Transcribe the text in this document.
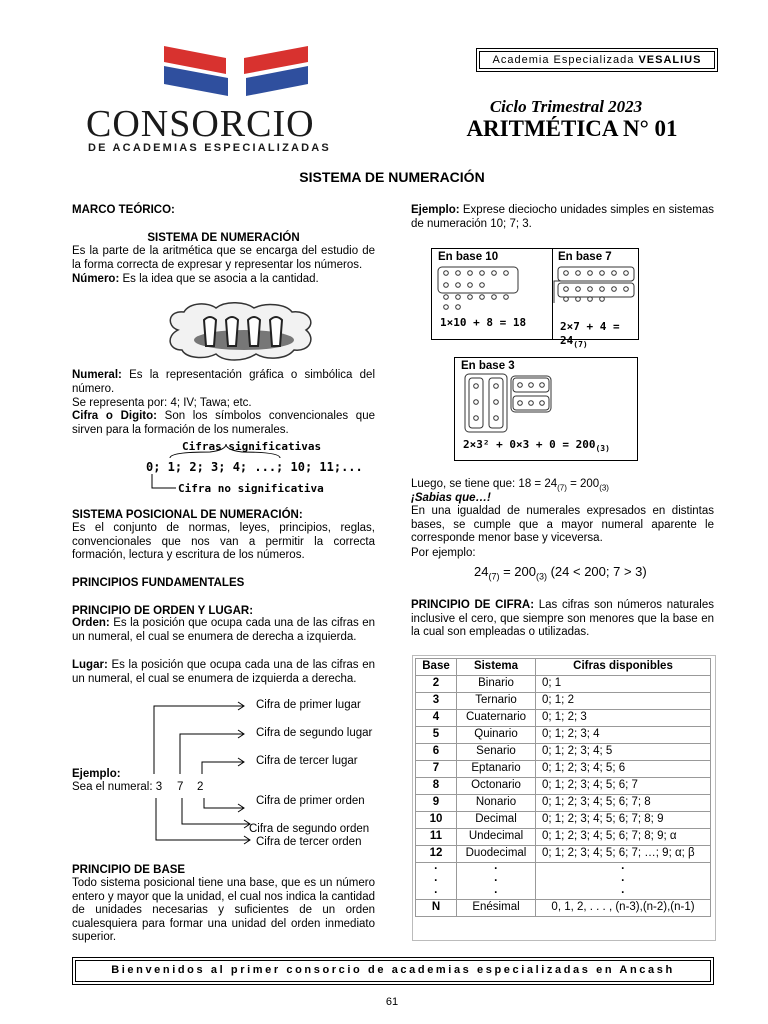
CONSORCIO
DE ACADEMIAS ESPECIALIZADAS
Academia Especializada VESALIUS
Ciclo Trimestral 2023
ARITMÉTICA N° 01
SISTEMA DE NUMERACIÓN
MARCO TEÓRICO:
SISTEMA DE NUMERACIÓN

Es la parte de la aritmética que se encarga del estudio de la forma correcta de expresar y representar los números.

Número: Es la idea que se asocia a la cantidad.

Numeral: Es la representación gráfica o simbólica del número.

Se representa por: 4; IV; Tawa; etc.

Cifra o Digito: Son los símbolos convencionales que sirven para la formación de los numerales.

Cifras significativas
0; 1; 2; 3; 4; ...; 10; 11;...
Cifra no significativa
SISTEMA POSICIONAL DE NUMERACIÓN:

Es el conjunto de normas, leyes, principios, reglas, convencionales que nos van a permitir la correcta formación, lectura y escritura de los números.

PRINCIPIOS FUNDAMENTALES
PRINCIPIO DE ORDEN Y LUGAR:

Orden: Es la posición que ocupa cada una de las cifras en un numeral, el cual se enumera de derecha a izquierda.

Lugar: Es la posición que ocupa cada una de las cifras en un numeral, el cual se enumera de izquierda a derecha.

Cifra de primer lugar
Cifra de segundo lugar
Cifra de tercer lugar
Ejemplo:
Sea el numeral: 3 7 2
Cifra de primer orden
Cifra de segundo orden
Cifra de tercer orden
PRINCIPIO DE BASE

Todo sistema posicional tiene una base, que es un número entero y mayor que la unidad, el cual nos indica la cantidad de unidades necesarias y suficientes de un orden cualesquiera para formar una unidad del orden inmediato superior.

Ejemplo: Exprese dieciocho unidades simples en sistemas de numeración 10; 7; 3.

En base 10	En base 7
1×10 + 8 = 18	$2\times 7 + 4 = 24_{(7)}$
En base 3
$2\times 3^2 + 0\times 3 + 0 = 200_{(3)}$

Luego, se tiene que: $18 = 24_{(7)} = 200_{(3)}$

¡Sabias que…!

En una igualdad de numerales expresados en distintas bases, se cumple que a mayor numeral aparente le corresponde menor base y viceversa.

Por ejemplo:

$24_{(7)} = 200_{(3)}$ (24 < 200; 7 > 3)

PRINCIPIO DE CIFRA: Las cifras son números naturales inclusive el cero, que siempre son menores que la base en la cual son empleadas o utilizadas.

Base	Sistema	Cifras disponibles
2	Binario	0; 1
3	Ternario	0; 1; 2
4	Cuaternario	0; 1; 2; 3
5	Quinario	0; 1; 2; 3; 4
6	Senario	0; 1; 2; 3; 4; 5
7	Eptanario	0; 1; 2; 3; 4; 5; 6
8	Octonario	0; 1; 2; 3; 4; 5; 6; 7
9	Nonario	0; 1; 2; 3; 4; 5; 6; 7; 8
10	Decimal	0; 1; 2; 3; 4; 5; 6; 7; 8; 9
11	Undecimal	0; 1; 2; 3; 4; 5; 6; 7; 8; 9; α
12	Duodecimal	0; 1; 2; 3; 4; 5; 6; 7; …; 9; α; β
·	·	·
·	·	·
·	·	·
N	Enésimal	0, 1, 2, . . . , (n-3),(n-2),(n-1)
Bienvenidos al primer consorcio de academias especializadas en Ancash
61
